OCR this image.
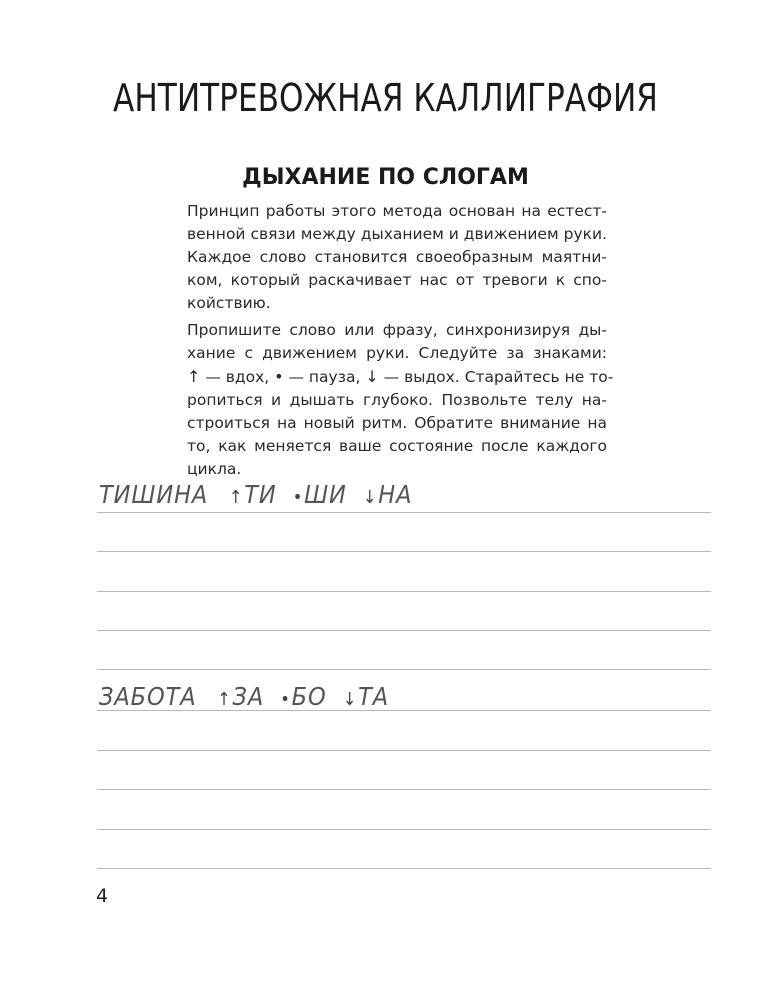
АНТИТРЕВОЖНАЯ КАЛЛИГРАФИЯ
ДЫХАНИЕ ПО СЛОГАМ

Принцип работы этого метода основан на естест-
венной связи между дыханием и движением руки.
Каждое слово становится своеобразным маятни-
ком, который раскачивает нас от тревоги к спо-
койствию.

Пропишите слово или фразу, синхронизируя ды-
хание с движением руки. Следуйте за знаками:
↑ — вдох, • — пауза, ↓ — выдох. Старайтесь не то-
ропиться и дышать глубоко. Позвольте телу на-
строиться на новый ритм. Обратите внимание на
то, как меняется ваше состояние после каждого
цикла.

ТИШИНА ↑ТИ •ШИ ↓НА
ЗАБОТА ↑ЗА •БО ↓ТА
4
